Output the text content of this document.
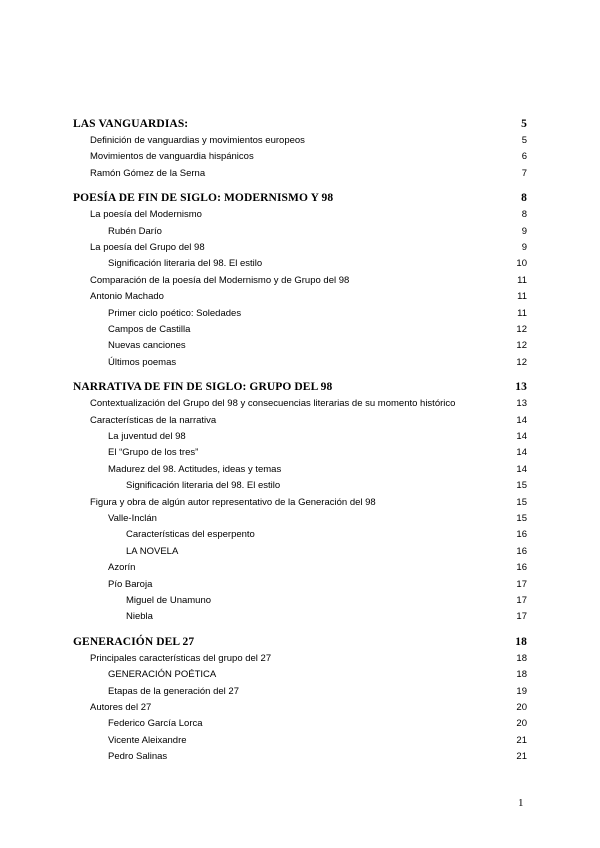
LAS VANGUARDIAS:	5
Definición de vanguardias y movimientos europeos	5
Movimientos de vanguardia hispánicos	6
Ramón Gómez de la Serna	7
POESÍA DE FIN DE SIGLO: MODERNISMO Y 98	8
La poesía del Modernismo	8
Rubén Darío	9
La poesía del Grupo del 98	9
Significación literaria del 98. El estilo	10
Comparación de la poesía del Modernismo y de Grupo del 98	11
Antonio Machado	11
Primer ciclo poético: Soledades	11
Campos de Castilla	12
Nuevas canciones	12
Últimos poemas	12
NARRATIVA DE FIN DE SIGLO: GRUPO DEL 98	13
Contextualización del Grupo del 98 y consecuencias literarias de su momento histórico	13
Características de la narrativa	14
La juventud del 98	14
El “Grupo de los tres”	14
Madurez del 98. Actitudes, ideas y temas	14
Significación literaria del 98. El estilo	15
Figura y obra de algún autor representativo de la Generación del 98	15
Valle-Inclán	15
Características del esperpento	16
LA NOVELA	16
Azorín	16
Pío Baroja	17
Miguel de Unamuno	17
Niebla	17
GENERACIÓN DEL 27	18
Principales características del grupo del 27	18
GENERACIÓN POÉTICA	18
Etapas de la generación del 27	19
Autores del 27	20
Federico García Lorca	20
Vicente Aleixandre	21
Pedro Salinas	21
1
